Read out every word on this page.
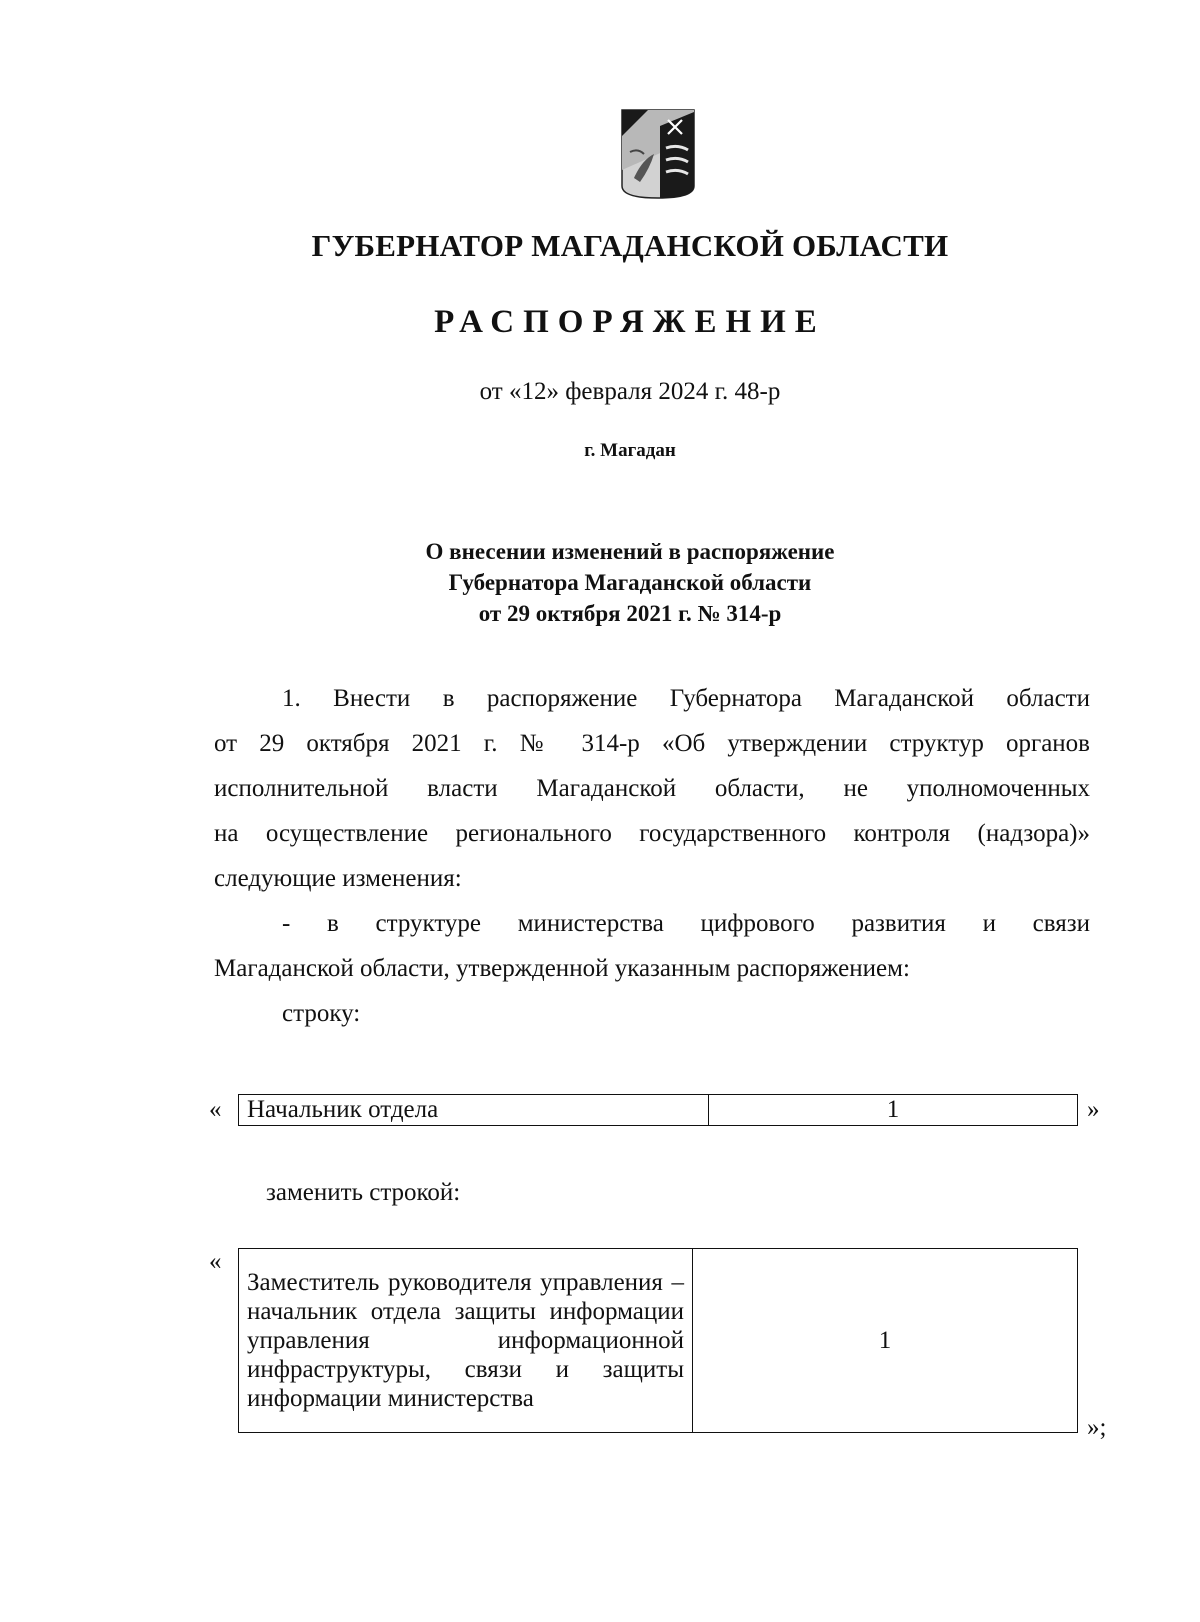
ГУБЕРНАТОР МАГАДАНСКОЙ ОБЛАСТИ
РАСПОРЯЖЕНИЕ
от «12» февраля 2024 г. 48-р
г. Магадан
О внесении изменений в распоряжение
Губернатора Магаданской области
от 29 октября 2021 г. № 314-р
1. Внести в распоряжение Губернатора Магаданской области
от 29 октября 2021 г. № 314-р «Об утверждении структур органов
исполнительной власти Магаданской области, не уполномоченных
на осуществление регионального государственного контроля (надзора)»
следующие изменения:
- в структуре министерства цифрового развития и связи
Магаданской области, утвержденной указанным распоряжением:
строку:
« Начальник отдела	1	»
заменить строкой:
«
Заместитель руководителя управления – начальник отдела защиты информации управления информационной инфраструктуры, связи и защиты информации министерства	1
»;
